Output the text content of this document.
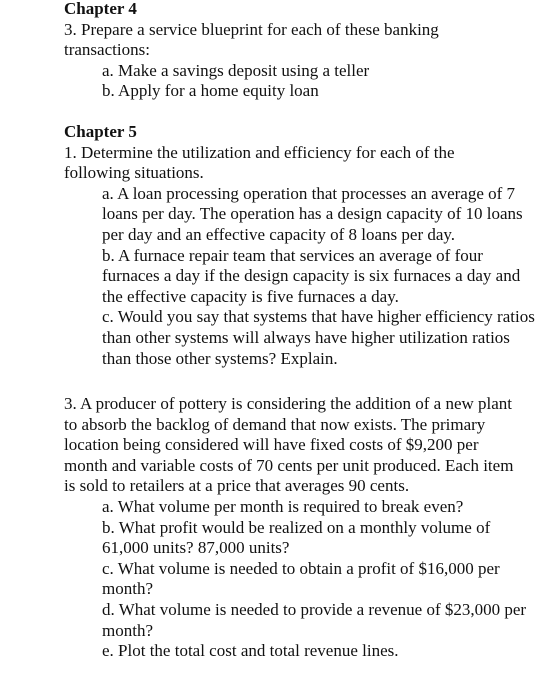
Chapter 4

3. Prepare a service blueprint for each of these banking transactions:

a. Make a savings deposit using a teller

b. Apply for a home equity loan

Chapter 5

1. Determine the utilization and efficiency for each of the following situations.

a. A loan processing operation that processes an average of 7 loans per day. The operation has a design capacity of 10 loans per day and an effective capacity of 8 loans per day.

b. A furnace repair team that services an average of four furnaces a day if the design capacity is six furnaces a day and the effective capacity is five furnaces a day.

c. Would you say that systems that have higher efficiency ratios than other systems will always have higher utilization ratios than those other systems? Explain.

3. A producer of pottery is considering the addition of a new plant to absorb the backlog of demand that now exists. The primary location being considered will have fixed costs of $9,200 per month and variable costs of 70 cents per unit produced. Each item is sold to retailers at a price that averages 90 cents.

a. What volume per month is required to break even?

b. What profit would be realized on a monthly volume of 61,000 units? 87,000 units?

c. What volume is needed to obtain a profit of $16,000 per month?

d. What volume is needed to provide a revenue of $23,000 per month?

e. Plot the total cost and total revenue lines.
